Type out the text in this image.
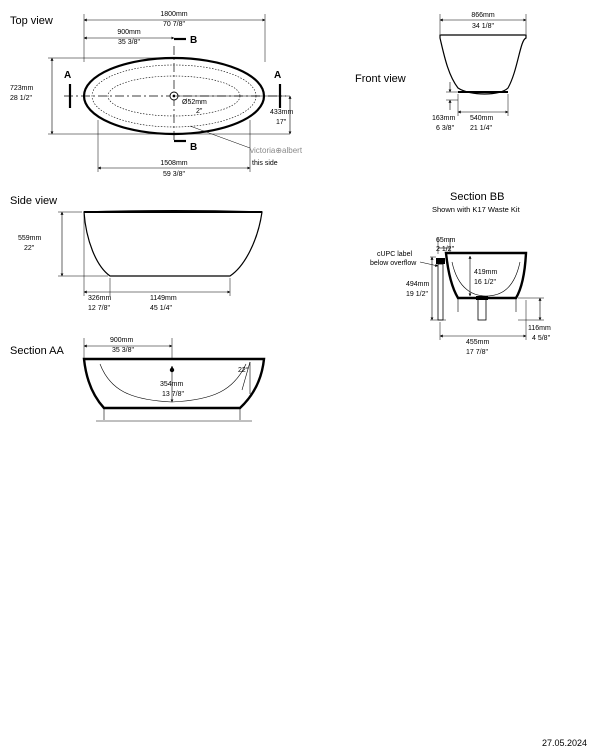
Top view
1800mm
70 7/8"
900mm
35 3/8"	B
Ø52mm
2"
A	A
723mm
28 1/2"
433mm
17"
B	victoria⊕albert
this side
1508mm
59 3/8"
Front view
866mm
34 1/8"
163mm
6 3/8"
540mm
21 1/4"
Side view
559mm
22"
326mm
12 7/8"
1149mm
45 1/4"
Section AA
900mm
35 3/8"
354mm
13 7/8"
22°
Section BB
Shown with K17 Waste Kit
cUPC label
below overflow
65mm
2 1/2"
494mm
19 1/2"
419mm
16 1/2"
455mm
17 7/8"
116mm
4 5/8"
27.05.2024
